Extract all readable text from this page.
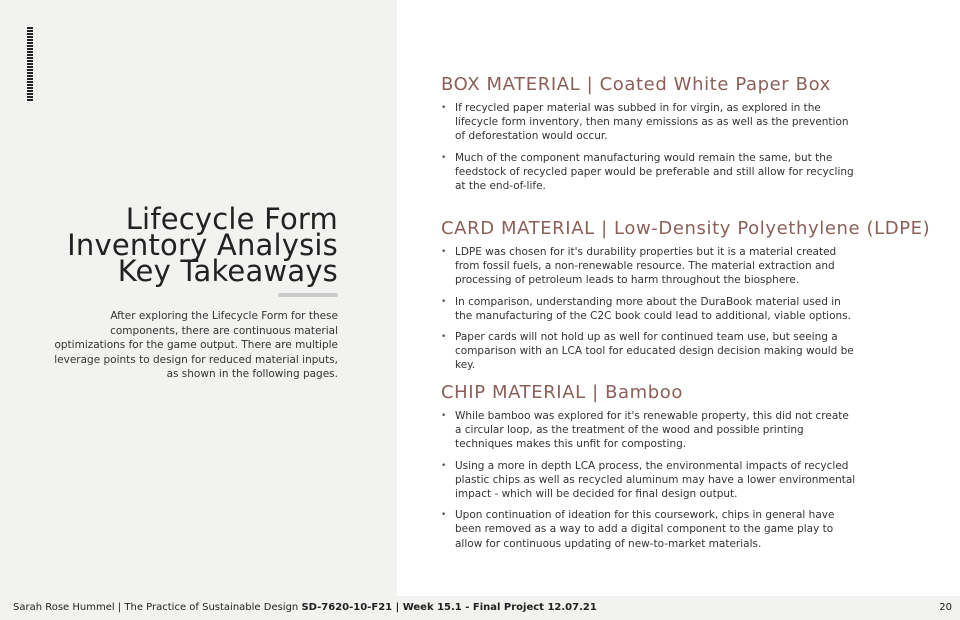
Lifecycle Form
Inventory Analysis
Key Takeaways

After exploring the Lifecycle Form for these components, there are continuous material optimizations for the game output. There are multiple leverage points to design for reduced material inputs, as shown in the following pages.

BOX MATERIAL | Coated White Paper Box
• If recycled paper material was subbed in for virgin, as explored in the lifecycle form inventory, then many emissions as as well as the prevention of deforestation would occur.
• Much of the component manufacturing would remain the same, but the feedstock of recycled paper would be preferable and still allow for recycling at the end-of-life.
CARD MATERIAL | Low-Density Polyethylene (LDPE)
• LDPE was chosen for it's durability properties but it is a material created from fossil fuels, a non-renewable resource. The material extraction and processing of petroleum leads to harm throughout the biosphere.
• In comparison, understanding more about the DuraBook material used in the manufacturing of the C2C book could lead to additional, viable options.
• Paper cards will not hold up as well for continued team use, but seeing a comparison with an LCA tool for educated design decision making would be key.
CHIP MATERIAL | Bamboo
• While bamboo was explored for it's renewable property, this did not create a circular loop, as the treatment of the wood and possible printing techniques makes this unfit for composting.
• Using a more in depth LCA process, the environmental impacts of recycled plastic chips as well as recycled aluminum may have a lower environmental impact - which will be decided for final design output.
• Upon continuation of ideation for this coursework, chips in general have been removed as a way to add a digital component to the game play to allow for continuous updating of new-to-market materials.
Sarah Rose Hummel | The Practice of Sustainable Design SD-7620-10-F21 | Week 15.1 - Final Project 12.07.21	20
